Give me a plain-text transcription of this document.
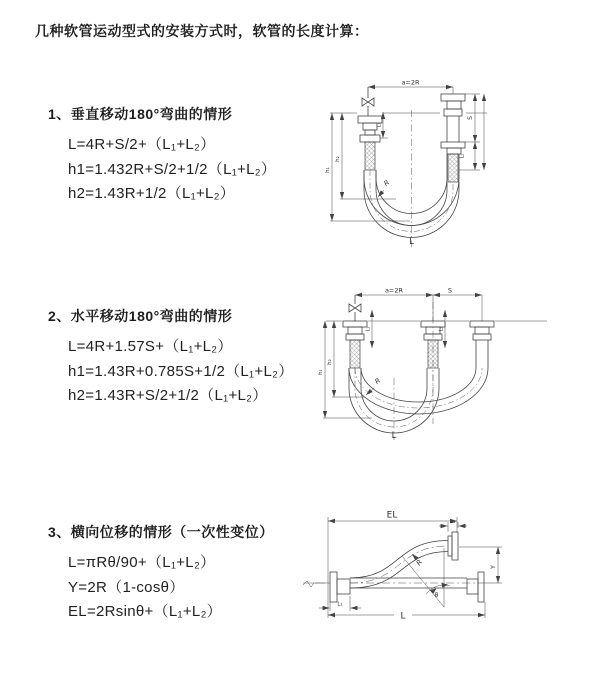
几种软管运动型式的安装方式时，软管的长度计算：
1、垂直移动180°弯曲的情形
L=4R+S/2+（L₁+L₂）
h1=1.432R+S/2+1/2（L₁+L₂）
h2=1.43R+1/2（L₁+L₂）
2、水平移动180°弯曲的情形
L=4R+1.57S+（L₁+L₂）
h1=1.43R+0.785S+1/2（L₁+L₂）
h2=1.43R+S/2+1/2（L₁+L₂）
3、横向位移的情形（一次性变位）
L=πRθ/90+（L₁+L₂）
Y=2R（1-cosθ）
EL=2Rsinθ+（L₁+L₂）
a=2R
h₁
h₂
L₁
S
L₂
R
L
a=2R	S
h₁
h₂
L₁	L₂
R
L
EL
L₂
Y
R
θ
L
L₁
